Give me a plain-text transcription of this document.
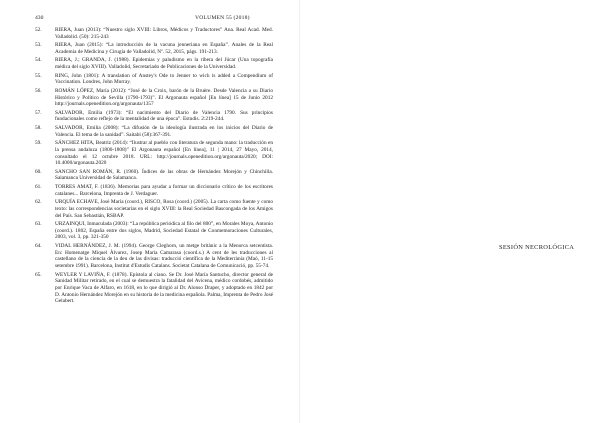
430	VOLUMEN 55 (2018)
52.	RIERA, Juan (2013): “Nuestro siglo XVIII: Libros, Médicos y Traductores” Ana. Real Acad. Med. Valladolid. (50): 215-243
53.	RIERA, Juan (2015): “La introducción de la vacuna jenneriana en España”. Anales de la Real Academia de Medicina y Cirugía de Valladolid, Nº. 52, 2015, págs. 191-213.
54.	RIERA, J.; GRANDA, J. (1988). Epidemias y paludismo en la ribera del Júcar (Una topografía médica del siglo XVIII). Valladolid, Secretariado de Publicaciones de la Universidad.
55.	RING, John (1801): A translation of Anstey's Ode to Jenner to wich is added a Compendium of Vaccination. Londres, John Murray.
56.	ROMÁN LÓPEZ, María (2012): “José de la Croix, barón de la Bruère. Desde Valencia a su Diario Histórico y Político de Sevilla (1790-1793)”. El Argonauta español [En línea] 15 de Junio 2012 http://journals.openedition.org/argonauta/1357
57.	SALVADOR, Emilia (1973): “El nacimiento del Diario de Valencia 1790. Sus principios fundacionales como reflejo de la mentalidad de una época”. Estudis. 2:219-244.
58.	SALVADOR, Emilia (2008): “La difusión de la ideología ilustrada en los inicios del Diario de Valencia. El tema de la sanidad”. Saitabi (58):367-391.
59.	SÁNCHEZ HITA, Beatriz (2014): “Ilustrar al pueblo con literatura de segunda mano: la traducción en la prensa andaluza (1800-1808)” El Argonauta español [En línea], 11 | 2014, 27 Mayo, 2014, consultado el 12 octubre 2018. URL: http://journals.openedition.org/argonauta/2020; DOI: 10.4000/argonauta.2020
60.	SANCHO SAN ROMÁN, R. (1960). Índices de las obras de Hernández Morejón y Chinchilla. Salamanca Universidad de Salamanca.
61.	TORRES AMAT, F. (1836). Memorias para ayudar a formar un diccionario crítico de los escritores catalanes... Barcelona, Imprenta de J. Verdaguer.
62.	URQUÍA ECHAVE, José María (coord.), RISCO, Rosa (coord.) (2005). La carta como fuente y como texto: las correspondencias societarias en el siglo XVIII: la Real Sociedad Bascongada de los Amigos del País. San Sebastián, RSBAP.
63.	URZAINQUI, Inmaculada (2003): “La república periódica al filo del 800”, en Morales Moya, Antonio (coord.). 1802, España entre dos siglos, Madrid, Sociedad Estatal de Conmemoraciones Culturales, 2003, vol. 3, pp. 321-350
64.	VIDAL HERNÁNDEZ, J. M. (1994). George Cleghorn, un metge britànic a la Menorca setcentista. En: Homenatge Miquel Àlvarez, Josep Maria Camarasa (coord.s.) A cent de les traducciones al castellano de la ciencia de la deu de las divisas: traducció científica de la Mediterrània (Maó, 11-15 setembre 1991). Barcelona, Institut d'Estudis Catalans. Societat Catalana de Comunicació, pp. 55-74.
65.	WEYLER Y LAVIÑA, F. (1878). Epístola al ciano. Se Dr. José María Santucho, director general de Sanidad Militar retirado, en el cual se demuestra la fatalidad del Avicena, médico cordobés, admitido por Enrique Vaca de Alfaro, en 1618, en lo que dirigió al Dr. Alonso Draper, y adoptado en 1842 por D. Antonio Hernández Morejón en su historia de la medicina española. Palma, Imprenta de Pedro José Gelabert.
SESIÓN NECROLÓGICA
